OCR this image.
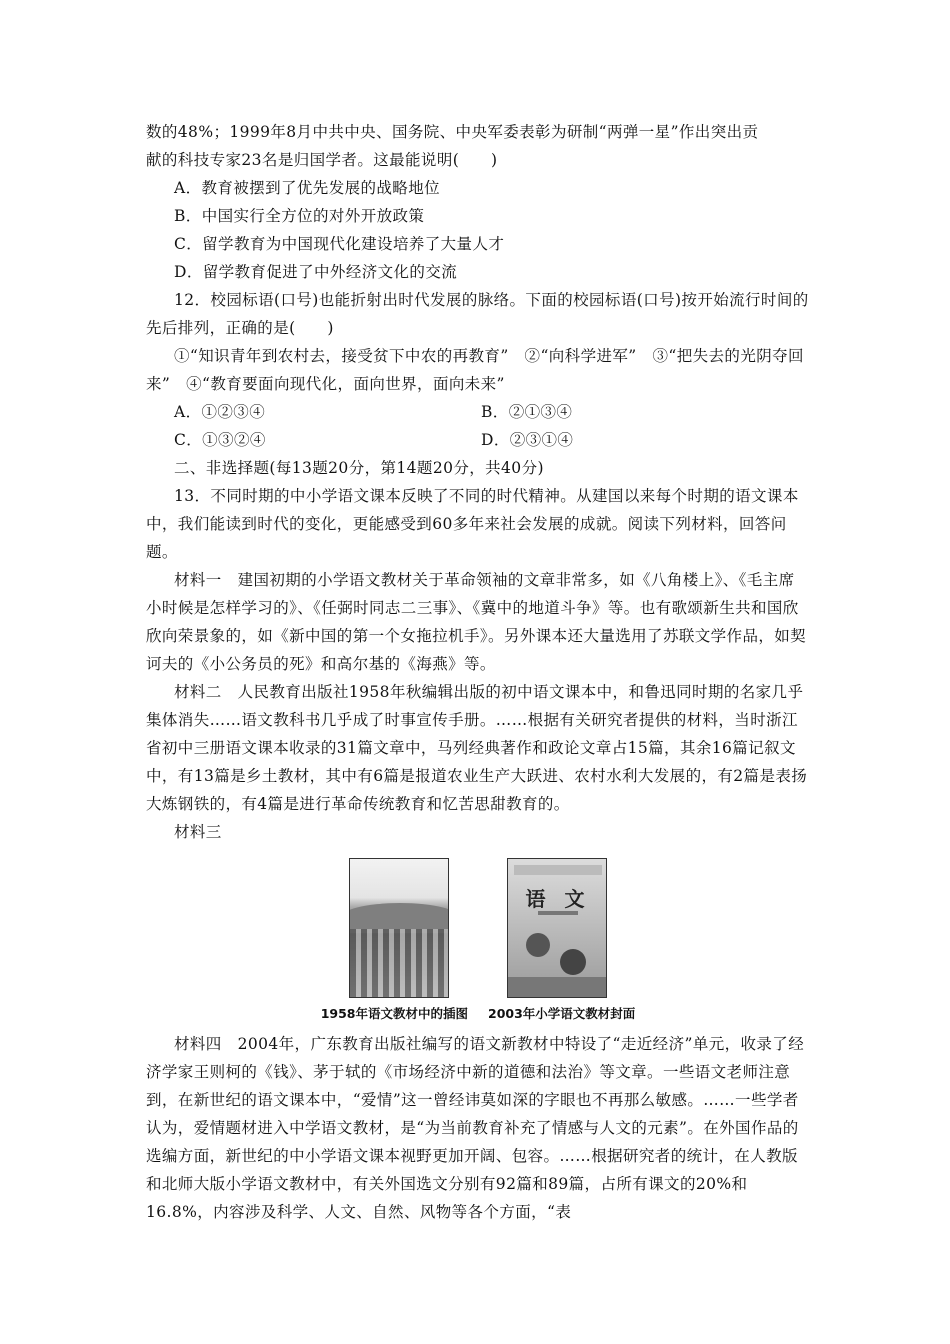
数的48%；1999年8月中共中央、国务院、中央军委表彰为研制“两弹一星”作出突出贡

献的科技专家23名是归国学者。这最能说明(　　)

A．教育被摆到了优先发展的战略地位

B．中国实行全方位的对外开放政策

C．留学教育为中国现代化建设培养了大量人才

D．留学教育促进了中外经济文化的交流

12．校园标语(口号)也能折射出时代发展的脉络。下面的校园标语(口号)按开始流行时间的先后排列，正确的是(　　)

①“知识青年到农村去，接受贫下中农的再教育”　②“向科学进军”　③“把失去的光阴夺回来”　④“教育要面向现代化，面向世界，面向未来”

A．①②③④	B．②①③④

C．①③②④	D．②③①④

二、非选择题(每13题20分，第14题20分，共40分)

13．不同时期的中小学语文课本反映了不同的时代精神。从建国以来每个时期的语文课本中，我们能读到时代的变化，更能感受到60多年来社会发展的成就。阅读下列材料，回答问题。

材料一　建国初期的小学语文教材关于革命领袖的文章非常多，如《八角楼上》、《毛主席小时候是怎样学习的》、《任弼时同志二三事》、《冀中的地道斗争》等。也有歌颂新生共和国欣欣向荣景象的，如《新中国的第一个女拖拉机手》。另外课本还大量选用了苏联文学作品，如契诃夫的《小公务员的死》和高尔基的《海燕》等。

材料二　人民教育出版社1958年秋编辑出版的初中语文课本中，和鲁迅同时期的名家几乎集体消失……语文教科书几乎成了时事宣传手册。……根据有关研究者提供的材料，当时浙江省初中三册语文课本收录的31篇文章中，马列经典著作和政论文章占15篇，其余16篇记叙文中，有13篇是乡土教材，其中有6篇是报道农业生产大跃进、农村水利大发展的，有2篇是表扬大炼钢铁的，有4篇是进行革命传统教育和忆苦思甜教育的。

材料三

语 文
1958年语文教材中的插图 2003年小学语文教材封面

材料四　2004年，广东教育出版社编写的语文新教材中特设了“走近经济”单元，收录了经济学家王则柯的《钱》、茅于轼的《市场经济中新的道德和法治》等文章。一些语文老师注意到，在新世纪的语文课本中，“爱情”这一曾经讳莫如深的字眼也不再那么敏感。……一些学者认为，爱情题材进入中学语文教材，是“为当前教育补充了情感与人文的元素”。在外国作品的选编方面，新世纪的中小学语文课本视野更加开阔、包容。……根据研究者的统计，在人教版和北师大版小学语文教材中，有关外国选文分别有92篇和89篇，占所有课文的20%和16.8%，内容涉及科学、人文、自然、风物等各个方面，“表
